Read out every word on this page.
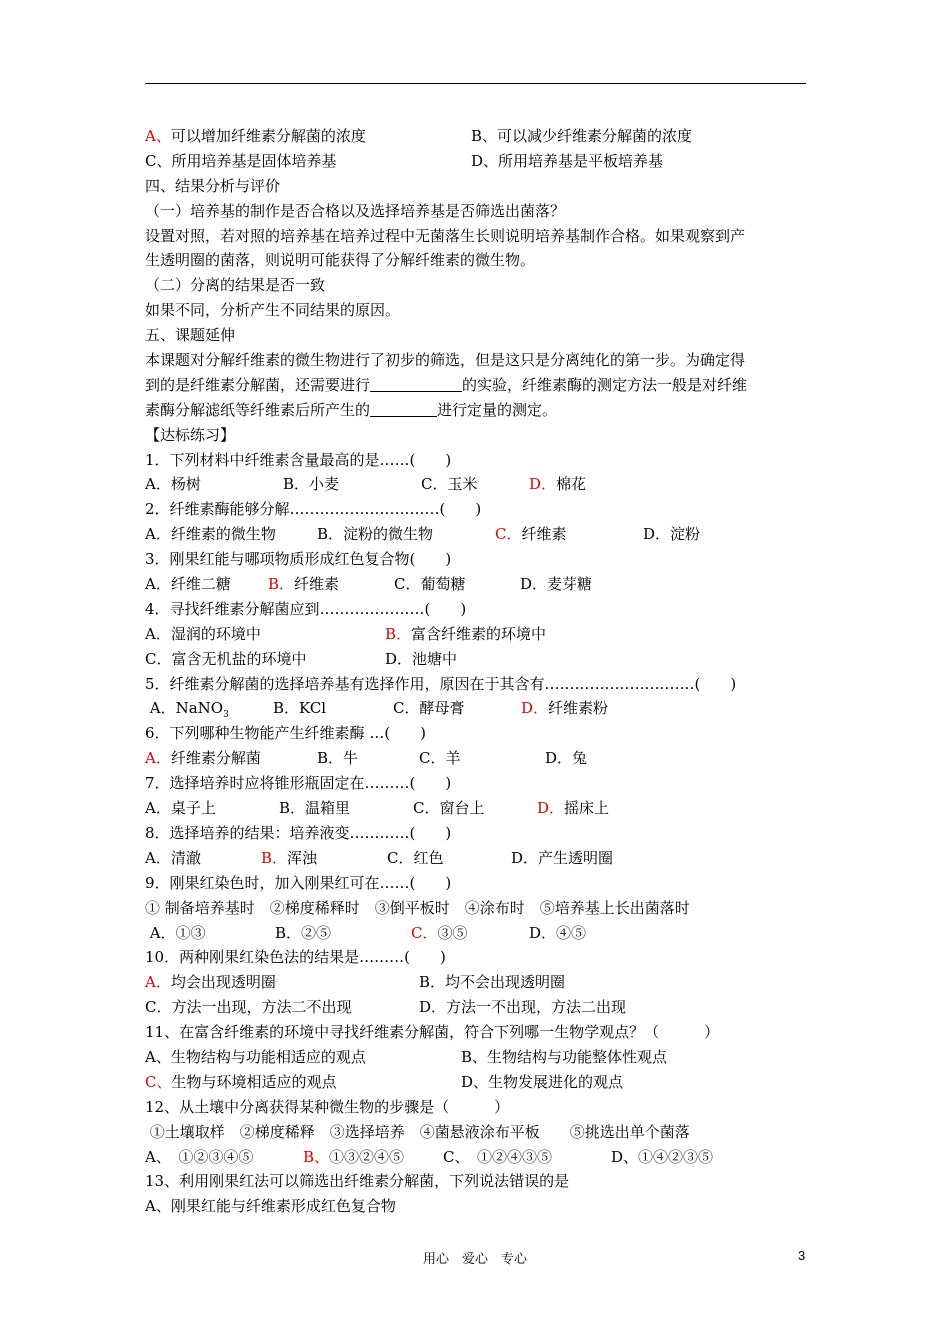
A、可以增加纤维素分解菌的浓度	B、可以减少纤维素分解菌的浓度
C、所用培养基是固体培养基	D、所用培养基是平板培养基
四、结果分析与评价
（一）培养基的制作是否合格以及选择培养基是否筛选出菌落？
设置对照，若对照的培养基在培养过程中无菌落生长则说明培养基制作合格。如果观察到产
生透明圈的菌落，则说明可能获得了分解纤维素的微生物。
（二）分离的结果是否一致
如果不同，分析产生不同结果的原因。
五、课题延伸
本课题对分解纤维素的微生物进行了初步的筛选，但是这只是分离纯化的第一步。为确定得
到的是纤维素分解菌，还需要进行	的实验，纤维素酶的测定方法一般是对纤维
素酶分解滤纸等纤维素后所产生的	进行定量的测定。
【达标练习】
1．下列材料中纤维素含量最高的是……(　　)
A．杨树	B．小麦	C．玉米	D．棉花
2．纤维素酶能够分解…………………………(　　)
A．纤维素的微生物	B．淀粉的微生物	C．纤维素	D．淀粉
3．刚果红能与哪项物质形成红色复合物(　　)
A．纤维二糖 B．纤维素	C．葡萄糖	D．麦芽糖
4．寻找纤维素分解菌应到…………………(　　)
A．湿润的环境中	B．富含纤维素的环境中
C．富含无机盐的环境中	D．池塘中
5．纤维素分解菌的选择培养基有选择作用，原因在于其含有…………………………(　　)
A．NaNO$_3$	B．KCl	C．酵母膏	D．纤维素粉
6．下列哪种生物能产生纤维素酶 …(　　)
A．纤维素分解菌	B．牛	C．羊	D．兔
7．选择培养时应将锥形瓶固定在………(　　)
A．桌子上	B．温箱里	C．窗台上	D．摇床上
8．选择培养的结果：培养液变…………(　　)
A．清澈	B．浑浊	C．红色	D．产生透明圈
9．刚果红染色时，加入刚果红可在……(　　)
① 制备培养基时　②梯度稀释时　③倒平板时　④涂布时　⑤培养基上长出菌落时
A．①③	B．②⑤	C．③⑤	D．④⑤
10．两种刚果红染色法的结果是………(　　)
A．均会出现透明圈	B．均不会出现透明圈
C．方法一出现，方法二不出现	D．方法一不出现，方法二出现
11、在富含纤维素的环境中寻找纤维素分解菌，符合下列哪一生物学观点？（　　　）
A、生物结构与功能相适应的观点	B、生物结构与功能整体性观点
C、生物与环境相适应的观点	D、生物发展进化的观点
12、从土壤中分离获得某种微生物的步骤是（　　　）
①土壤取样　②梯度稀释　③选择培养　④菌悬液涂布平板　　⑤挑选出单个菌落
A、　①②③④⑤	B、①③②④⑤	C、　①②④③⑤	D、①④②③⑤
13、利用刚果红法可以筛选出纤维素分解菌，下列说法错误的是
A、刚果红能与纤维素形成红色复合物
用心　爱心　专心	3
